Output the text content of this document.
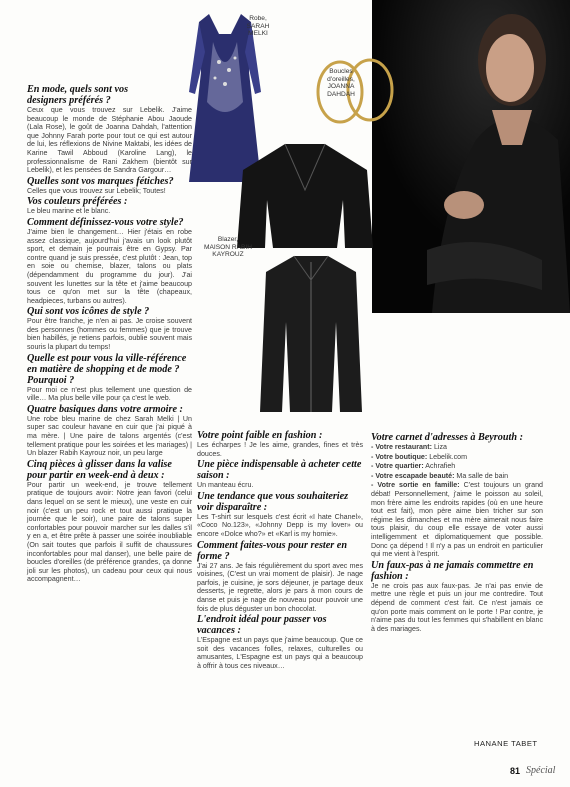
Robe,
SARAH
MELKI
Boucles
d'oreilles,
JOANNA
DAHDAH
Blazer,
MAISON RABIH
KAYROUZ

En mode, quels sont vos designers préférés ?

Ceux que vous trouvez sur Lebelik. J'aime beaucoup le monde de Stéphanie Abou Jaoude (Lala Rose), le goût de Joanna Dahdah, l'attention que Johnny Farah porte pour tout ce qui est autour de lui, les réflexions de Nivine Maktabi, les idées de Karine Tawil Abboud (Karoline Lang), le professionnalisme de Rani Zakhem (bientôt sur Lebelik), et les pensées de Sandra Gargour…

Quelles sont vos marques fétiches?

Celles que vous trouvez sur Lebelik; Toutes!

Vos couleurs préférées :

Le bleu marine et le blanc.

Comment définissez-vous votre style?

J'aime bien le changement… Hier j'étais en robe assez classique, aujourd'hui j'avais un look plutôt sport, et demain je pourrais être en Gypsy. Par contre quand je suis pressée, c'est plutôt : Jean, top en soie ou chemise, blazer, talons ou plats (dépendamment du programme du jour). J'ai souvent les lunettes sur la tête et j'aime beaucoup tous ce qu'on met sur la tête (chapeaux, headpieces, turbans ou autres).

Qui sont vos icônes de style ?

Pour être franche, je n'en ai pas. Je croise souvent des personnes (hommes ou femmes) que je trouve bien habillés, je retiens parfois, oublie souvent mais souris la plupart du temps!

Quelle est pour vous la ville-référence en matière de shopping et de mode ? Pourquoi ?

Pour moi ce n'est plus tellement une question de ville… Ma plus belle ville pour ça c'est le web.

Quatre basiques dans votre armoire :

Une robe bleu marine de chez Sarah Melki | Un super sac couleur havane en cuir que j'ai piqué à ma mère. | Une paire de talons argentés (c'est tellement pratique pour les soirées et les mariages) | Un blazer Rabih Kayrouz noir, un peu large

Cinq pièces à glisser dans la valise pour partir en week-end à deux :

Pour partir un week-end, je trouve tellement pratique de toujours avoir: Notre jean favori (celui dans lequel on se sent le mieux), une veste en cuir noir (c'est un peu rock et tout aussi pratique la journée que le soir), une paire de talons super confortables pour pouvoir marcher sur les dalles s'il y en a, et être prête à passer une soirée inoubliable (On sait toutes que parfois il suffit de chaussures inconfortables pour mal danser), une belle paire de boucles d'oreilles (de préférence grandes, ça donne joli sur les photos), un cadeau pour ceux qui nous accompagnent…

Votre point faible en fashion :

Les écharpes ! Je les aime, grandes, fines et très douces.

Une pièce indispensable à acheter cette saison :

Un manteau écru.

Une tendance que vous souhaiteriez voir disparaître :

Les T-shirt sur lesquels c'est écrit «I hate Chanel», «Coco No.123», «Johnny Depp is my lover» ou encore «Dolce who?» et «Karl is my homie».

Comment faites-vous pour rester en forme ?

J'ai 27 ans. Je fais régulièrement du sport avec mes voisines, (C'est un vrai moment de plaisir). Je nage parfois, je cuisine, je sors déjeuner, je partage deux desserts, je regrette, alors je pars à mon cours de danse et puis je nage de nouveau pour pouvoir une fois de plus déguster un bon chocolat.

L'endroit idéal pour passer vos vacances :

L'Espagne est un pays que j'aime beaucoup. Que ce soit des vacances folles, relaxes, culturelles ou amusantes, L'Espagne est un pays qui a beaucoup à offrir à tous ces niveaux…

Votre carnet d'adresses à Beyrouth :

- Votre restaurant: Liza
- Votre boutique: Lebelik.com
- Votre quartier: Achrafieh
- Votre escapade beauté: Ma salle de bain
- Votre sortie en famille: C'est toujours un grand débat! Personnellement, j'aime le poisson au soleil, mon frère aime les endroits rapides (où en une heure tout est fait), mon père aime bien tricher sur son régime les dimanches et ma mère aimerait nous faire tous plaisir, du coup elle essaye de voter aussi intelligemment et diplomatiquement que possible. Donc ça dépend ! Il n'y a pas un endroit en particulier qui me vient à l'esprit.

Un faux-pas à ne jamais commettre en fashion :

Je ne crois pas aux faux-pas. Je n'ai pas envie de mettre une règle et puis un jour me contredire. Tout dépend de comment c'est fait. Ce n'est jamais ce qu'on porte mais comment on le porte ! Par contre, je n'aime pas du tout les femmes qui s'habillent en blanc à des mariages.

HANANE TABET
81 Spécial
